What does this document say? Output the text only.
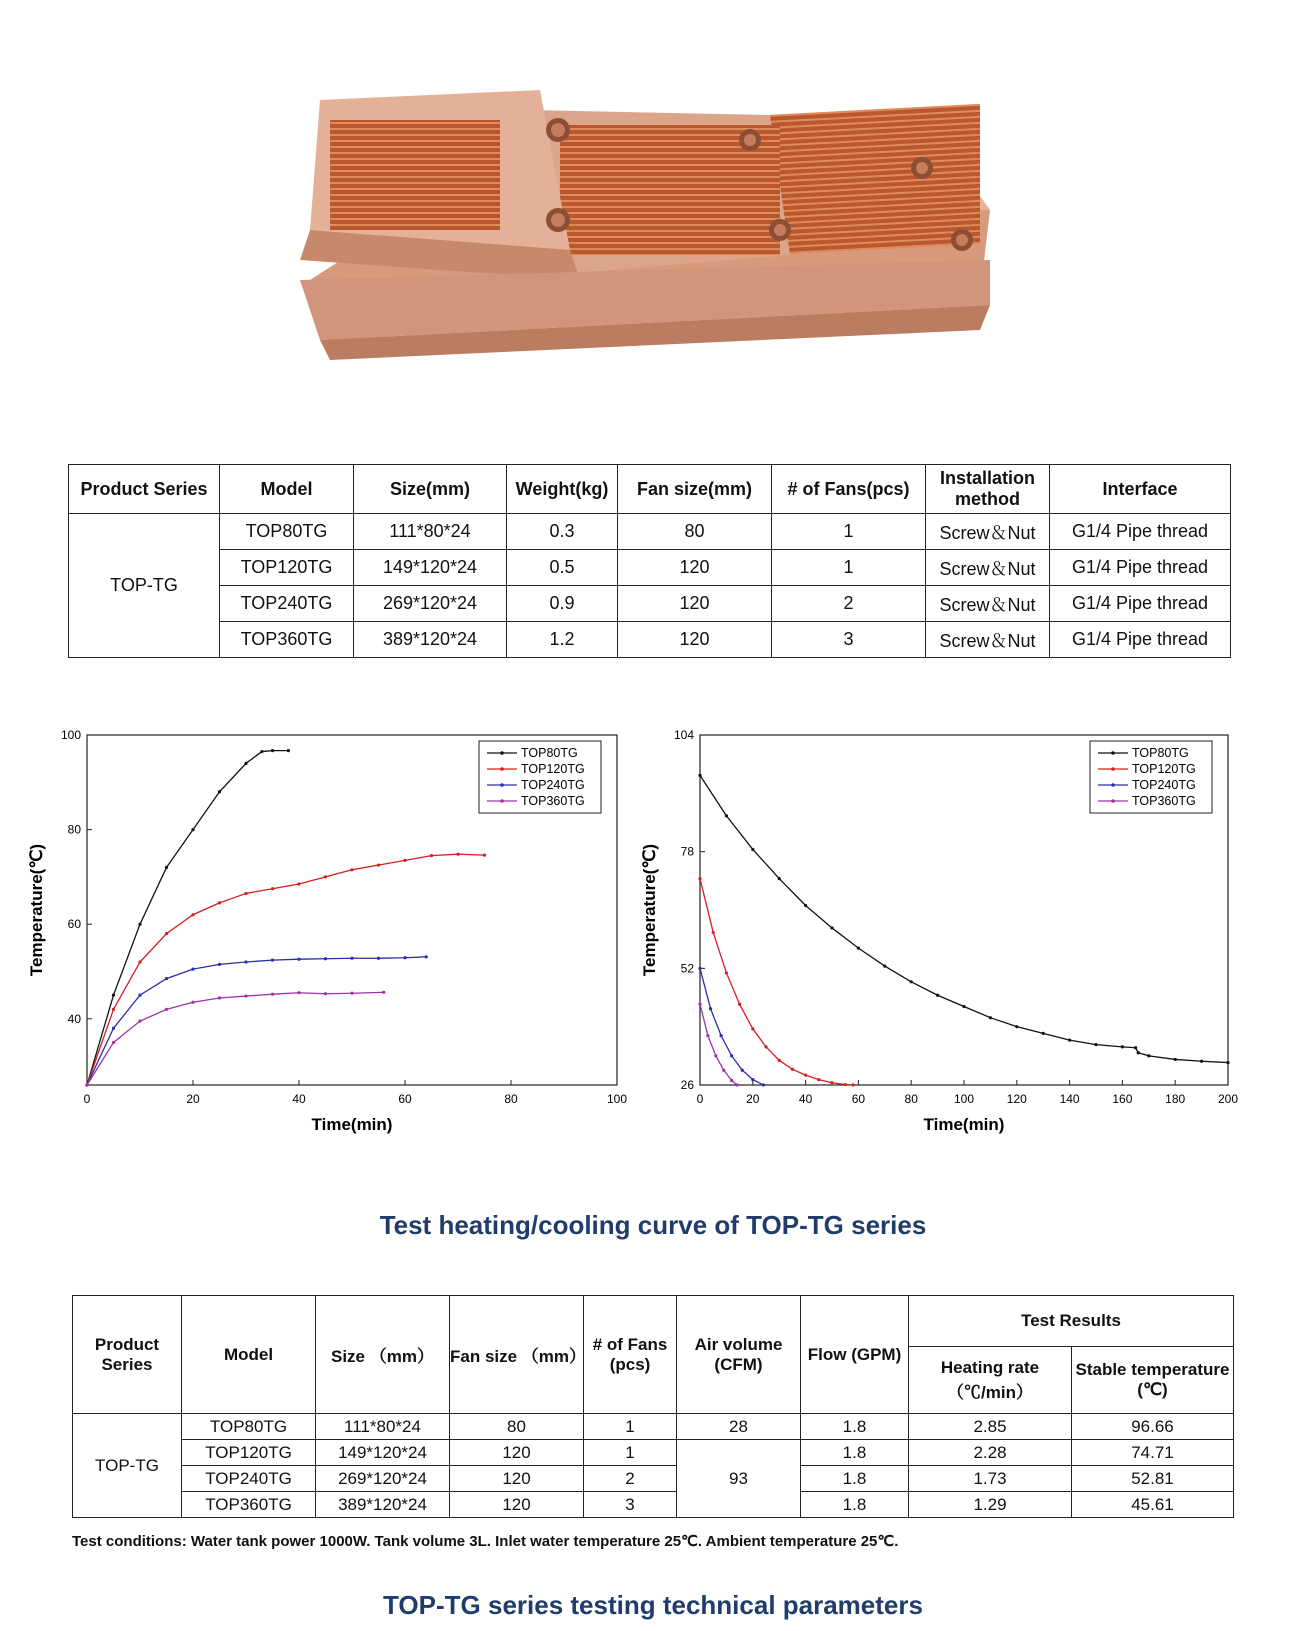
Product Series	Model	Size(mm)	Weight(kg)	Fan size(mm)	# of Fans(pcs)	Installation method	Interface
TOP-TG	TOP80TG	111*80*24	0.3	80	1	Screw＆Nut	G1/4 Pipe thread
	TOP120TG	149*120*24	0.5	120	1	Screw＆Nut	G1/4 Pipe thread
	TOP240TG	269*120*24	0.9	120	2	Screw＆Nut	G1/4 Pipe thread
	TOP360TG	389*120*24	1.2	120	3	Screw＆Nut	G1/4 Pipe thread
0	20	40	60	80	100
40
60
80
100
Time(min)
Temperature(℃)
TOP80TG
TOP120TG
TOP240TG
TOP360TG
0	20	40	60	80	100	120	140	160	180	200
26
52
78
104
Time(min)
Temperature(℃)
TOP80TG
TOP120TG
TOP240TG
TOP360TG
Test heating/cooling curve of TOP-TG series
Product Series	Model	Size （mm）	Fan size （mm）	# of Fans (pcs)	Air volume (CFM)	Flow (GPM)	Test Results	
							Heating rate （℃/min）	Stable temperature (℃)
TOP-TG	TOP80TG	111*80*24	80	1	28	1.8	2.85	96.66
	TOP120TG	149*120*24	120	1	93	1.8	2.28	74.71
	TOP240TG	269*120*24	120	2		1.8	1.73	52.81
	TOP360TG	389*120*24	120	3		1.8	1.29	45.61
Test conditions: Water tank power 1000W. Tank volume 3L. Inlet water temperature 25℃. Ambient temperature 25℃.
TOP-TG series testing technical parameters
